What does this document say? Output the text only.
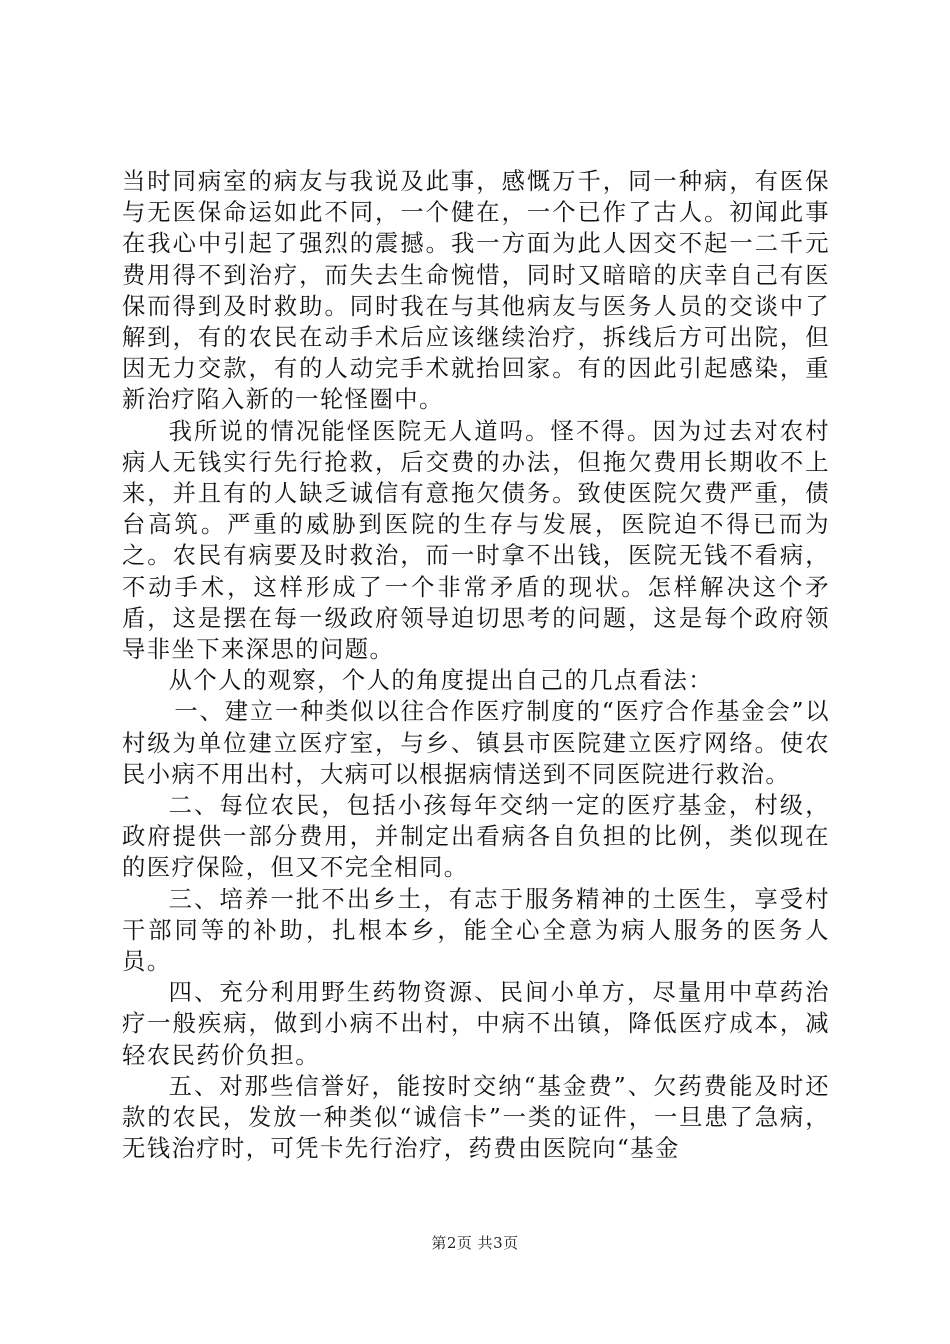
当时同病室的病友与我说及此事，感慨万千，同一种病，有医保与无医保命运如此不同，一个健在，一个已作了古人。初闻此事在我心中引起了强烈的震撼。我一方面为此人因交不起一二千元费用得不到治疗，而失去生命惋惜，同时又暗暗的庆幸自己有医保而得到及时救助。同时我在与其他病友与医务人员的交谈中了解到，有的农民在动手术后应该继续治疗，拆线后方可出院，但因无力交款，有的人动完手术就抬回家。有的因此引起感染，重新治疗陷入新的一轮怪圈中。

我所说的情况能怪医院无人道吗。怪不得。因为过去对农村病人无钱实行先行抢救，后交费的办法，但拖欠费用长期收不上来，并且有的人缺乏诚信有意拖欠债务。致使医院欠费严重，债台高筑。严重的威胁到医院的生存与发展，医院迫不得已而为之。农民有病要及时救治，而一时拿不出钱，医院无钱不看病，不动手术，这样形成了一个非常矛盾的现状。怎样解决这个矛盾，这是摆在每一级政府领导迫切思考的问题，这是每个政府领导非坐下来深思的问题。

从个人的观察，个人的角度提出自己的几点看法：

一、建立一种类似以往合作医疗制度的“医疗合作基金会”以村级为单位建立医疗室，与乡、镇县市医院建立医疗网络。使农民小病不用出村，大病可以根据病情送到不同医院进行救治。

二、每位农民，包括小孩每年交纳一定的医疗基金，村级，政府提供一部分费用，并制定出看病各自负担的比例，类似现在的医疗保险，但又不完全相同。

三、培养一批不出乡土，有志于服务精神的土医生，享受村干部同等的补助，扎根本乡，能全心全意为病人服务的医务人员。

四、充分利用野生药物资源、民间小单方，尽量用中草药治疗一般疾病，做到小病不出村，中病不出镇，降低医疗成本，减轻农民药价负担。

五、对那些信誉好，能按时交纳“基金费”、欠药费能及时还款的农民，发放一种类似“诚信卡”一类的证件，一旦患了急病，无钱治疗时，可凭卡先行治疗，药费由医院向“基金

第2页 共3页
